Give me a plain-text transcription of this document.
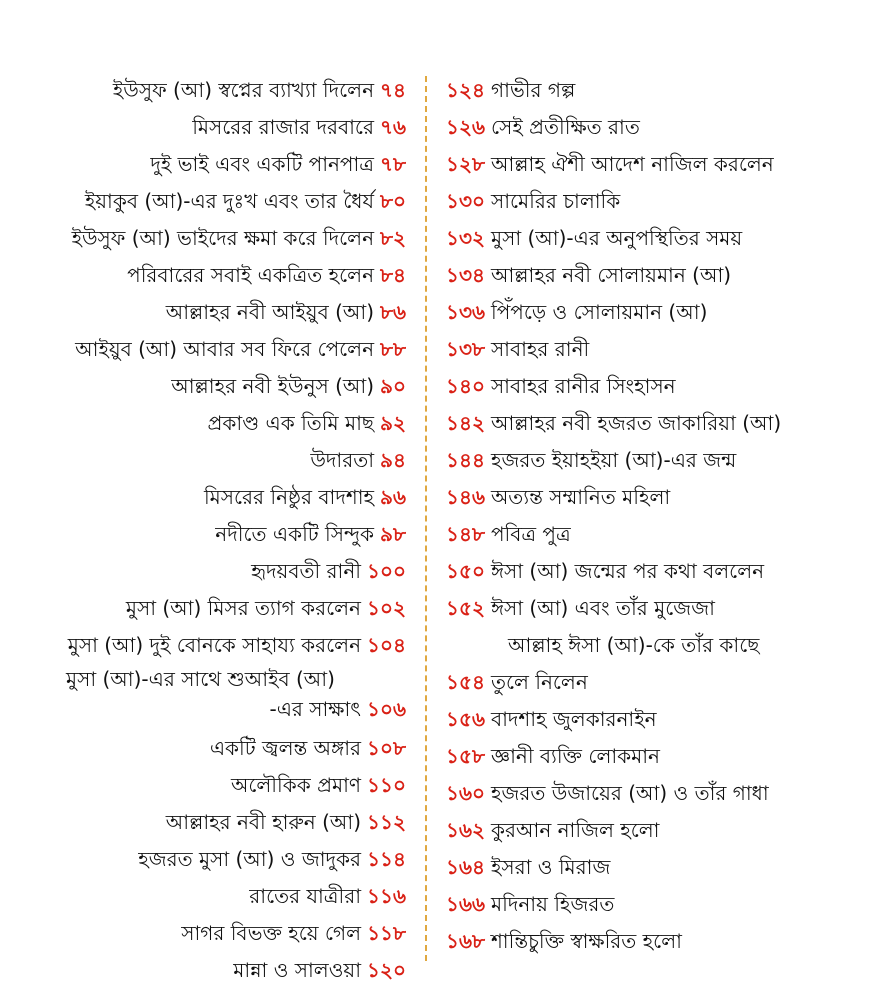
ইউসুফ (আ) স্বপ্নের ব্যাখ্যা দিলেন ৭৪
মিসরের রাজার দরবারে ৭৬
দুই ভাই এবং একটি পানপাত্র ৭৮
ইয়াকুব (আ)-এর দুঃখ এবং তার ধৈর্য ৮০
ইউসুফ (আ) ভাইদের ক্ষমা করে দিলেন ৮২
পরিবারের সবাই একত্রিত হলেন ৮৪
আল্লাহর নবী আইয়ুব (আ) ৮৬
আইয়ুব (আ) আবার সব ফিরে পেলেন ৮৮
আল্লাহর নবী ইউনুস (আ) ৯০
প্রকাণ্ড এক তিমি মাছ ৯২
উদারতা ৯৪
মিসরের নিষ্ঠুর বাদশাহ ৯৬
নদীতে একটি সিন্দুক ৯৮
হৃদয়বতী রানী ১০০
মুসা (আ) মিসর ত্যাগ করলেন ১০২
মুসা (আ) দুই বোনকে সাহায্য করলেন ১০৪
মুসা (আ)-এর সাথে শুআইব (আ)
-এর সাক্ষাৎ ১০৬
একটি জ্বলন্ত অঙ্গার ১০৮
অলৌকিক প্রমাণ ১১০
আল্লাহর নবী হারুন (আ) ১১২
হজরত মুসা (আ) ও জাদুকর ১১৪
রাতের যাত্রীরা ১১৬
সাগর বিভক্ত হয়ে গেল ১১৮
মান্না ও সালওয়া ১২০
১২৪ গাভীর গল্প
১২৬ সেই প্রতীক্ষিত রাত
১২৮ আল্লাহ ঐশী আদেশ নাজিল করলেন
১৩০ সামেরির চালাকি
১৩২ মুসা (আ)-এর অনুপস্থিতির সময়
১৩৪ আল্লাহর নবী সোলায়মান (আ)
১৩৬ পিঁপড়ে ও সোলায়মান (আ)
১৩৮ সাবাহর রানী
১৪০ সাবাহর রানীর সিংহাসন
১৪২ আল্লাহর নবী হজরত জাকারিয়া (আ)
১৪৪ হজরত ইয়াহইয়া (আ)-এর জন্ম
১৪৬ অত্যন্ত সম্মানিত মহিলা
১৪৮ পবিত্র পুত্র
১৫০ ঈসা (আ) জন্মের পর কথা বললেন
১৫২ ঈসা (আ) এবং তাঁর মুজেজা
আল্লাহ ঈসা (আ)-কে তাঁর কাছে
১৫৪ তুলে নিলেন
১৫৬ বাদশাহ জুলকারনাইন
১৫৮ জ্ঞানী ব্যক্তি লোকমান
১৬০ হজরত উজায়ের (আ) ও তাঁর গাধা
১৬২ কুরআন নাজিল হলো
১৬৪ ইসরা ও মিরাজ
১৬৬ মদিনায় হিজরত
১৬৮ শান্তিচুক্তি স্বাক্ষরিত হলো
